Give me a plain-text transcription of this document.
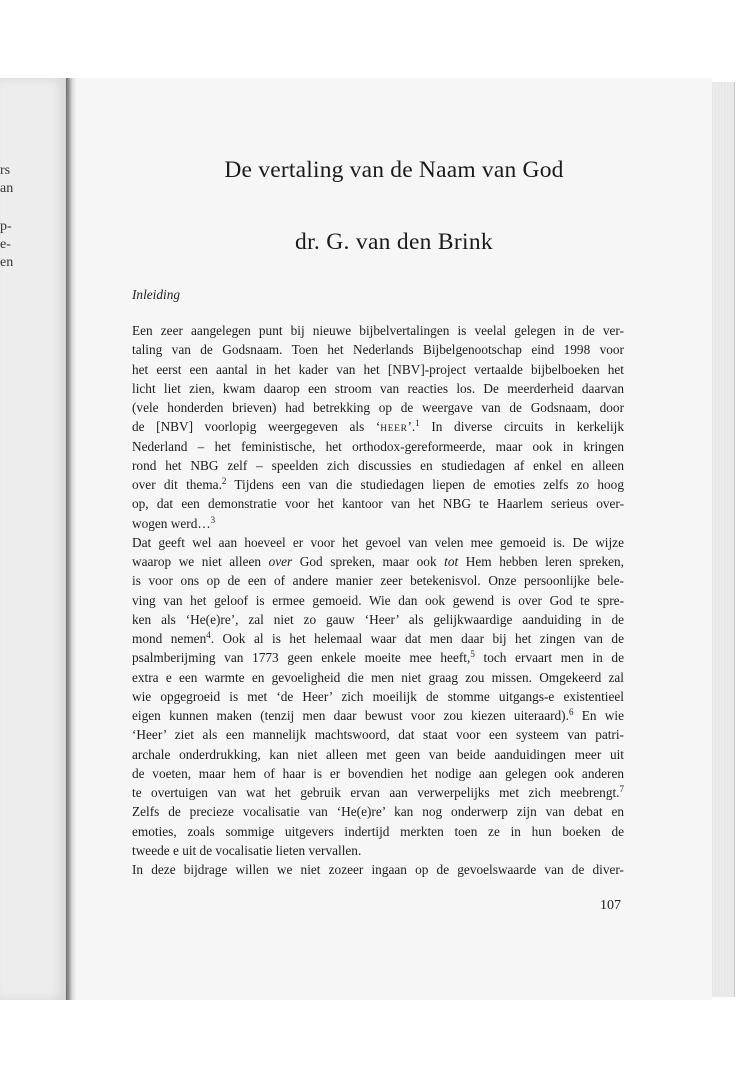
rs
an
p-
e-
en
De vertaling van de Naam van God
dr. G. van den Brink
Inleiding
Een zeer aangelegen punt bij nieuwe bijbelvertalingen is veelal gelegen in de ver-
taling van de Godsnaam. Toen het Nederlands Bijbelgenootschap eind 1998 voor
het eerst een aantal in het kader van het [NBV]-project vertaalde bijbelboeken het
licht liet zien, kwam daarop een stroom van reacties los. De meerderheid daarvan
(vele honderden brieven) had betrekking op de weergave van de Godsnaam, door
de [NBV] voorlopig weergegeven als ‘HEER’.$^1$ In diverse circuits in kerkelijk
Nederland – het feministische, het orthodox-gereformeerde, maar ook in kringen
rond het NBG zelf – speelden zich discussies en studiedagen af enkel en alleen
over dit thema.$^2$ Tijdens een van die studiedagen liepen de emoties zelfs zo hoog
op, dat een demonstratie voor het kantoor van het NBG te Haarlem serieus over-
wogen werd…$^3$
Dat geeft wel aan hoeveel er voor het gevoel van velen mee gemoeid is. De wijze
waarop we niet alleen over God spreken, maar ook tot Hem hebben leren spreken,
is voor ons op de een of andere manier zeer betekenisvol. Onze persoonlijke bele-
ving van het geloof is ermee gemoeid. Wie dan ook gewend is over God te spre-
ken als ‘He(e)re’, zal niet zo gauw ‘Heer’ als gelijkwaardige aanduiding in de
mond nemen$^4$. Ook al is het helemaal waar dat men daar bij het zingen van de
psalmberijming van 1773 geen enkele moeite mee heeft,$^5$ toch ervaart men in de
extra e een warmte en gevoeligheid die men niet graag zou missen. Omgekeerd zal
wie opgegroeid is met ‘de Heer’ zich moeilijk de stomme uitgangs-e existentieel
eigen kunnen maken (tenzij men daar bewust voor zou kiezen uiteraard).$^6$ En wie
‘Heer’ ziet als een mannelijk machtswoord, dat staat voor een systeem van patri-
archale onderdrukking, kan niet alleen met geen van beide aanduidingen meer uit
de voeten, maar hem of haar is er bovendien het nodige aan gelegen ook anderen
te overtuigen van wat het gebruik ervan aan verwerpelijks met zich meebrengt.$^7$
Zelfs de precieze vocalisatie van ‘He(e)re’ kan nog onderwerp zijn van debat en
emoties, zoals sommige uitgevers indertijd merkten toen ze in hun boeken de
tweede e uit de vocalisatie lieten vervallen.
In deze bijdrage willen we niet zozeer ingaan op de gevoelswaarde van de diver-
107
